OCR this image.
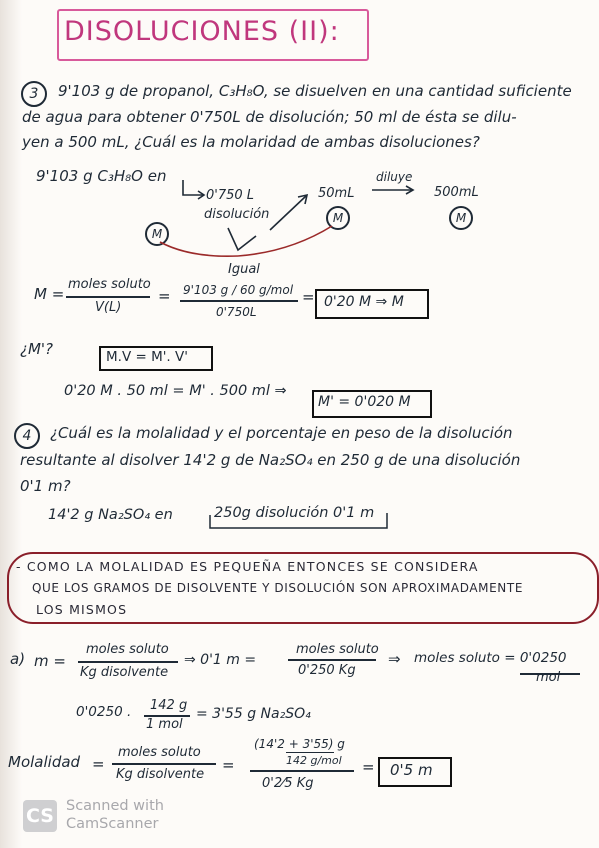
DISOLUCIONES (II):
3	9'103 g de propanol, C₃H₈O, se disuelven en una cantidad suficiente
de agua para obtener 0'750L de disolución; 50 ml de ésta se dilu-
yen a 500 mL, ¿Cuál es la molaridad de ambas disoluciones?
9'103 g C₃H₈O en
0'750 L
disolución
M
50mL
diluye
500mL
M	M
Igual
M =
moles soluto
V(L)
= 9'103 g / 60 g/mol
0'750L
= 0'20 M ⇒ M
¿M'?	M.V = M'. V'
0'20 M . 50 ml = M' . 500 ml ⇒
M' = 0'020 M
4	¿Cuál es la molalidad y el porcentaje en peso de la disolución
resultante al disolver 14'2 g de Na₂SO₄ en 250 g de una disolución
0'1 m?
14'2 g Na₂SO₄ en	250g disolución 0'1 m
- COMO LA MOLALIDAD ES PEQUEÑA ENTONCES SE CONSIDERA
QUE LOS GRAMOS DE DISOLVENTE Y DISOLUCIÓN SON APROXIMADAMENTE
LOS MISMOS
a) m =
moles soluto
Kg disolvente
⇒ 0'1 m =
moles soluto
0'250 Kg
⇒ moles soluto = 0'0250
mol
0'0250 . 142 g
1 mol
= 3'55 g Na₂SO₄
Molalidad =
moles soluto
Kg disolvente
=
(14'2 + 3'55) g
142 g/mol
0'2⁄5 Kg
= 0'5 m
CS Scanned with
CamScanner
